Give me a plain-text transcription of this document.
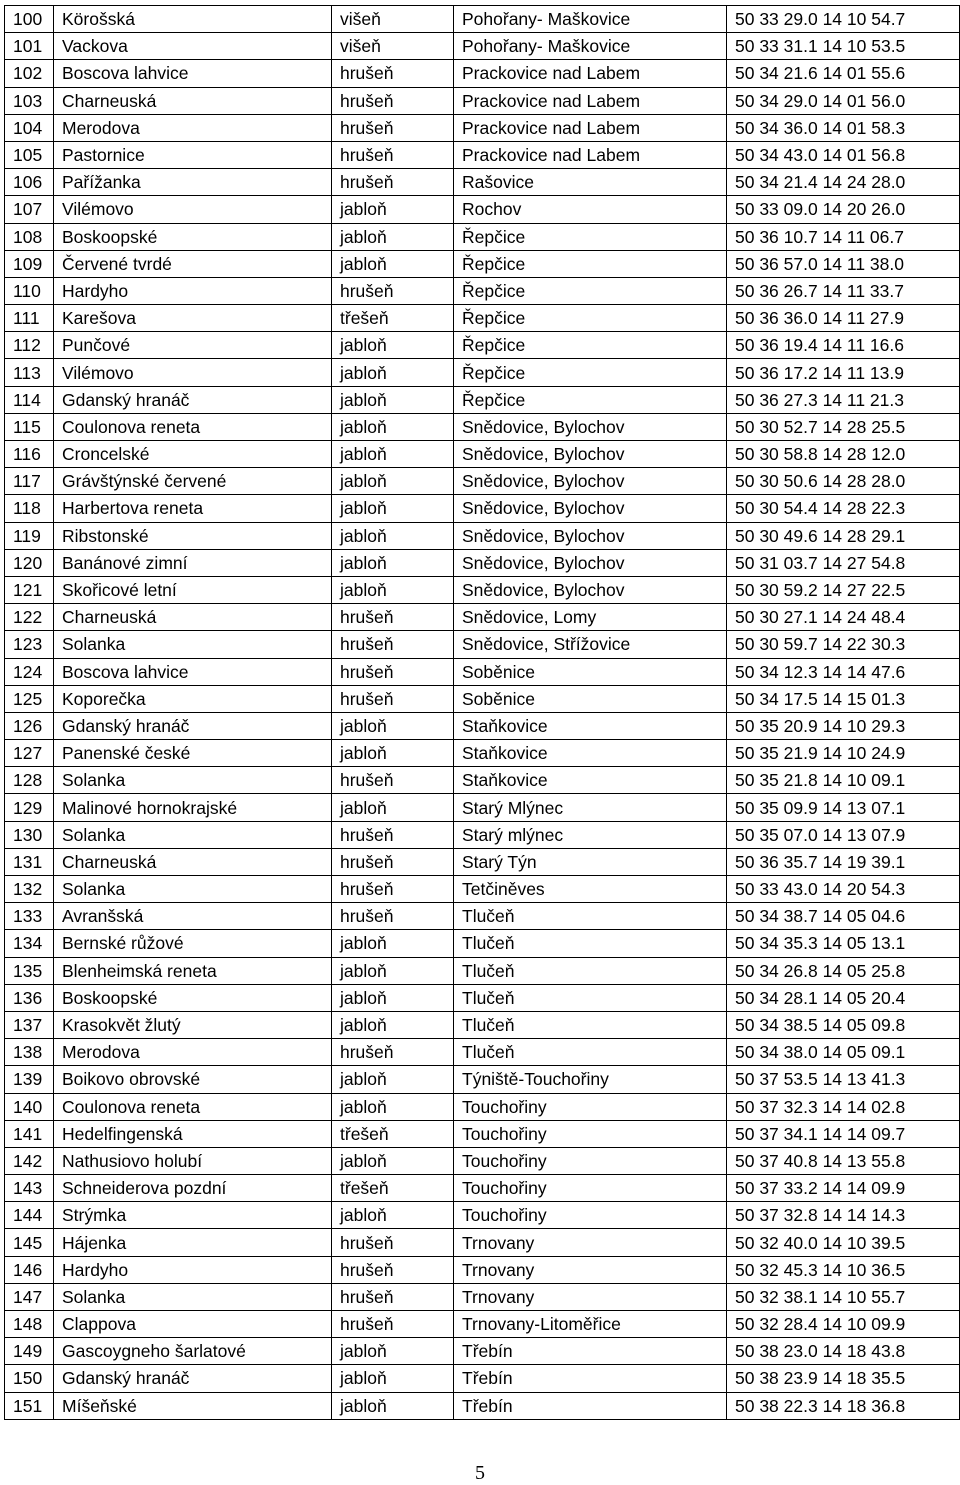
100	Körošská	višeň	Pohořany- Maškovice	50 33 29.0 14 10 54.7
101	Vackova	višeň	Pohořany- Maškovice	50 33 31.1 14 10 53.5
102	Boscova lahvice	hrušeň	Prackovice nad Labem	50 34 21.6 14 01 55.6
103	Charneuská	hrušeň	Prackovice nad Labem	50 34 29.0 14 01 56.0
104	Merodova	hrušeň	Prackovice nad Labem	50 34 36.0 14 01 58.3
105	Pastornice	hrušeň	Prackovice nad Labem	50 34 43.0 14 01 56.8
106	Pařížanka	hrušeň	Rašovice	50 34 21.4 14 24 28.0
107	Vilémovo	jabloň	Rochov	50 33 09.0 14 20 26.0
108	Boskoopské	jabloň	Řepčice	50 36 10.7 14 11 06.7
109	Červené tvrdé	jabloň	Řepčice	50 36 57.0 14 11 38.0
110	Hardyho	hrušeň	Řepčice	50 36 26.7 14 11 33.7
111	Karešova	třešeň	Řepčice	50 36 36.0 14 11 27.9
112	Punčové	jabloň	Řepčice	50 36 19.4 14 11 16.6
113	Vilémovo	jabloň	Řepčice	50 36 17.2 14 11 13.9
114	Gdanský hranáč	jabloň	Řepčice	50 36 27.3 14 11 21.3
115	Coulonova reneta	jabloň	Snědovice, Bylochov	50 30 52.7 14 28 25.5
116	Croncelské	jabloň	Snědovice, Bylochov	50 30 58.8 14 28 12.0
117	Grávštýnské červené	jabloň	Snědovice, Bylochov	50 30 50.6 14 28 28.0
118	Harbertova reneta	jabloň	Snědovice, Bylochov	50 30 54.4 14 28 22.3
119	Ribstonské	jabloň	Snědovice, Bylochov	50 30 49.6 14 28 29.1
120	Banánové zimní	jabloň	Snědovice, Bylochov	50 31 03.7 14 27 54.8
121	Skořicové letní	jabloň	Snědovice, Bylochov	50 30 59.2 14 27 22.5
122	Charneuská	hrušeň	Snědovice, Lomy	50 30 27.1 14 24 48.4
123	Solanka	hrušeň	Snědovice, Střížovice	50 30 59.7 14 22 30.3
124	Boscova lahvice	hrušeň	Soběnice	50 34 12.3 14 14 47.6
125	Koporečka	hrušeň	Soběnice	50 34 17.5 14 15 01.3
126	Gdanský hranáč	jabloň	Staňkovice	50 35 20.9 14 10 29.3
127	Panenské české	jabloň	Staňkovice	50 35 21.9 14 10 24.9
128	Solanka	hrušeň	Staňkovice	50 35 21.8 14 10 09.1
129	Malinové hornokrajské	jabloň	Starý Mlýnec	50 35 09.9 14 13 07.1
130	Solanka	hrušeň	Starý mlýnec	50 35 07.0 14 13 07.9
131	Charneuská	hrušeň	Starý Týn	50 36 35.7 14 19 39.1
132	Solanka	hrušeň	Tetčiněves	50 33 43.0 14 20 54.3
133	Avranšská	hrušeň	Tlučeň	50 34 38.7 14 05 04.6
134	Bernské růžové	jabloň	Tlučeň	50 34 35.3 14 05 13.1
135	Blenheimská reneta	jabloň	Tlučeň	50 34 26.8 14 05 25.8
136	Boskoopské	jabloň	Tlučeň	50 34 28.1 14 05 20.4
137	Krasokvět žlutý	jabloň	Tlučeň	50 34 38.5 14 05 09.8
138	Merodova	hrušeň	Tlučeň	50 34 38.0 14 05 09.1
139	Boikovo obrovské	jabloň	Týniště-Touchořiny	50 37 53.5 14 13 41.3
140	Coulonova reneta	jabloň	Touchořiny	50 37 32.3 14 14 02.8
141	Hedelfingenská	třešeň	Touchořiny	50 37 34.1 14 14 09.7
142	Nathusiovo holubí	jabloň	Touchořiny	50 37 40.8 14 13 55.8
143	Schneiderova pozdní	třešeň	Touchořiny	50 37 33.2 14 14 09.9
144	Strýmka	jabloň	Touchořiny	50 37 32.8 14 14 14.3
145	Hájenka	hrušeň	Trnovany	50 32 40.0 14 10 39.5
146	Hardyho	hrušeň	Trnovany	50 32 45.3 14 10 36.5
147	Solanka	hrušeň	Trnovany	50 32 38.1 14 10 55.7
148	Clappova	hrušeň	Trnovany-Litoměřice	50 32 28.4 14 10 09.9
149	Gascoygneho šarlatové	jabloň	Třebín	50 38 23.0 14 18 43.8
150	Gdanský hranáč	jabloň	Třebín	50 38 23.9 14 18 35.5
151	Míšeňské	jabloň	Třebín	50 38 22.3 14 18 36.8
5
